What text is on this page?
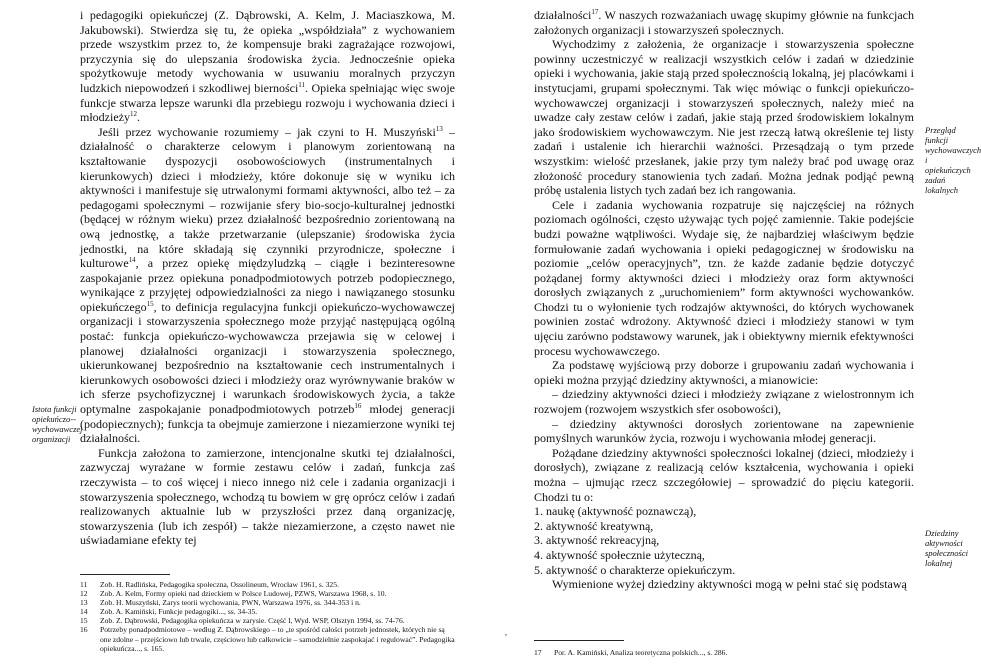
i pedagogiki opiekuńczej (Z. Dąbrowski, A. Kelm, J. Maciaszkowa, M. Jakubowski). Stwierdza się tu, że opieka „współdziała” z wychowaniem przede wszystkim przez to, że kompensuje braki zagrażające rozwojowi, przyczynia się do ulepszania środowiska życia. Jednocześnie opieka spożytkowuje metody wychowania w usuwaniu moralnych przyczyn ludzkich niepowodzeń i szkodliwej bierności$^{11}$. Opieka spełniając więc swoje funkcje stwarza lepsze warunki dla przebiegu rozwoju i wychowania dzieci i młodzieży$^{12}$.

Jeśli przez wychowanie rozumiemy – jak czyni to H. Muszyński$^{13}$ – działalność o charakterze celowym i planowym zorientowaną na kształtowanie dyspozycji osobowościowych (instrumentalnych i kierunkowych) dzieci i młodzieży, które dokonuje się w wyniku ich aktywności i manifestuje się utrwalonymi formami aktywności, albo też – za pedagogami społecznymi – rozwijanie sfery bio-socjo-kulturalnej jednostki (będącej w różnym wieku) przez działalność bezpośrednio zorientowaną na ową jednostkę, a także przetwarzanie (ulepszanie) środowiska życia jednostki, na które składają się czynniki przyrodnicze, społeczne i kulturowe$^{14}$, a przez opiekę międzyludzką – ciągłe i bezinteresowne zaspokajanie przez opiekuna ponadpodmiotowych potrzeb podopiecznego, wynikające z przyjętej odpowiedzialności za niego i nawiązanego stosunku opiekuńczego$^{15}$, to definicja regulacyjna funkcji opiekuńczo-wychowawczej organizacji i stowarzyszenia społecznego może przyjąć następującą ogólną postać: funkcja opiekuńczo-wychowawcza przejawia się w celowej i planowej działalności organizacji i stowarzyszenia społecznego, ukierunkowanej bezpośrednio na kształtowanie cech instrumentalnych i kierunkowych osobowości dzieci i młodzieży oraz wyrównywanie braków w ich sferze psychofizycznej i warunkach środowiskowych życia, a także optymalne zaspokajanie ponadpodmiotowych potrzeb$^{16}$ młodej generacji (podopiecznych); funkcja ta obejmuje zamierzone i niezamierzone wyniki tej działalności.

Funkcja założona to zamierzone, intencjonalne skutki tej działalności, zazwyczaj wyrażane w formie zestawu celów i zadań, funkcja zaś rzeczywista – to coś więcej i nieco innego niż cele i zadania organizacji i stowarzyszenia społecznego, wchodzą tu bowiem w grę oprócz celów i zadań realizowanych aktualnie lub w przyszłości przez daną organizację, stowarzyszenia (lub ich zespół) – także niezamierzone, a często nawet nie uświadamiane efekty tej

Istota funkcji opiekuńczo--wychowawczej organizacji
11	Zob. H. Radlińska, Pedagogika społeczna, Ossolineum, Wrocław 1961, s. 325.
12	Zob. A. Kelm, Formy opieki nad dzieckiem w Polsce Ludowej, PZWS, Warszawa 1968, s. 10.
13	Zob. H. Muszyński, Zarys teorii wychowania, PWN, Warszawa 1976, ss. 344-353 i n.
14	Zob. A. Kamiński, Funkcje pedagogiki..., ss. 34-35.
15	Zob. Z. Dąbrowski, Pedagogika opiekuńcza w zarysie. Część I, Wyd. WSP, Olsztyn 1994, ss. 74-76.
16	Potrzeby ponadpodmiotowe – według Z. Dąbrowskiego – to „te spośród całości potrzeb jednostek, których nie są one zdolne – przejściowo lub trwale, częściowo lub całkowicie – samodzielnie zaspokajać i regulować”. Pedagogika opiekuńcza..., s. 165.
,

działalności$^{17}$. W naszych rozważaniach uwagę skupimy głównie na funkcjach założonych organizacji i stowarzyszeń społecznych.

Wychodzimy z założenia, że organizacje i stowarzyszenia społeczne powinny uczestniczyć w realizacji wszystkich celów i zadań w dziedzinie opieki i wychowania, jakie stają przed społecznością lokalną, jej placówkami i instytucjami, grupami społecznymi. Tak więc mówiąc o funkcji opiekuńczo-wychowawczej organizacji i stowarzyszeń społecznych, należy mieć na uwadze cały zestaw celów i zadań, jakie stają przed środowiskiem lokalnym jako środowiskiem wychowawczym. Nie jest rzeczą łatwą określenie tej listy zadań i ustalenie ich hierarchii ważności. Przesądzają o tym przede wszystkim: wielość przesłanek, jakie przy tym należy brać pod uwagę oraz złożoność procedury stanowienia tych zadań. Można jednak podjąć pewną próbę ustalenia listych tych zadań bez ich rangowania.

Cele i zadania wychowania rozpatruje się najczęściej na różnych poziomach ogólności, często używając tych pojęć zamiennie. Takie podejście budzi poważne wątpliwości. Wydaje się, że najbardziej właściwym będzie formułowanie zadań wychowania i opieki pedagogicznej w środowisku na poziomie „celów operacyjnych”, tzn. że każde zadanie będzie dotyczyć pożądanej formy aktywności dzieci i młodzieży oraz form aktywności dorosłych związanych z „uruchomieniem” form aktywności wychowanków. Chodzi tu o wyłonienie tych rodzajów aktywności, do których wychowanek powinien zostać wdrożony. Aktywność dzieci i młodzieży stanowi w tym ujęciu zarówno podstawowy warunek, jak i obiektywny miernik efektywności procesu wychowawczego.

Za podstawę wyjściową przy doborze i grupowaniu zadań wychowania i opieki można przyjąć dziedziny aktywności, a mianowicie:

– dziedziny aktywności dzieci i młodzieży związane z wielostronnym ich rozwojem (rozwojem wszystkich sfer osobowości),

– dziedziny aktywności dorosłych zorientowane na zapewnienie pomyślnych warunków życia, rozwoju i wychowania młodej generacji.

Pożądane dziedziny aktywności społeczności lokalnej (dzieci, młodzieży i dorosłych), związane z realizacją celów kształcenia, wychowania i opieki można – ujmując rzecz szczegółowiej – sprowadzić do pięciu kategorii. Chodzi tu o:

1. naukę (aktywność poznawczą),

2. aktywność kreatywną,

3. aktywność rekreacyjną,

4. aktywność społecznie użyteczną,

5. aktywność o charakterze opiekuńczym.

Wymienione wyżej dziedziny aktywności mogą w pełni stać się podstawą

Przegląd funkcji wychowawczych i opiekuńczych zadań lokalnych
Dziedziny aktywności społeczności lokalnej
17	Por. A. Kamiński, Analiza teoretyczna polskich..., s. 286.
